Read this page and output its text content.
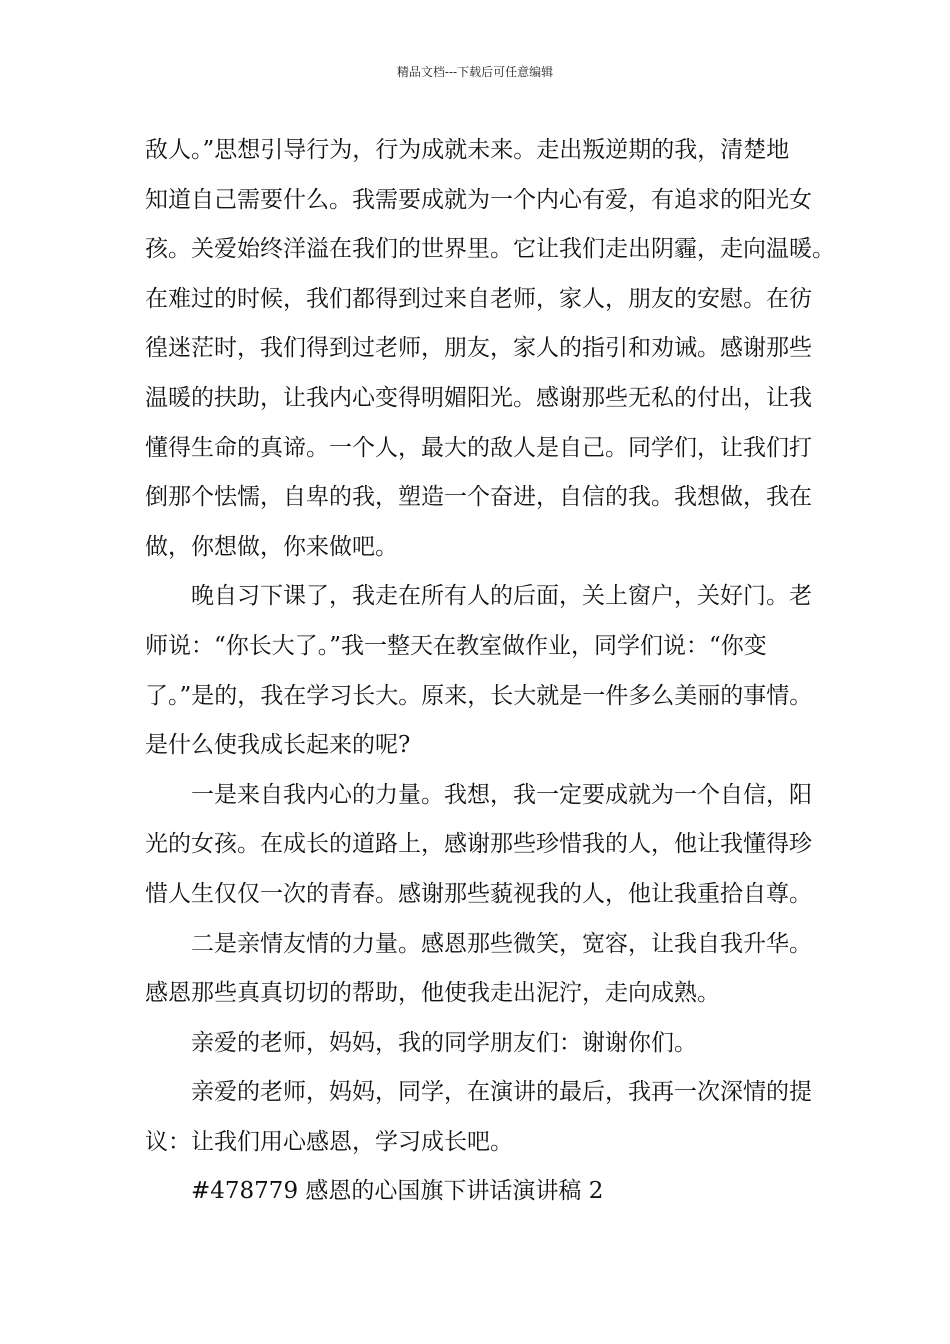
精品文档---下载后可任意编辑
敌人。”思想引导行为，行为成就未来。走出叛逆期的我，清楚地
知道自己需要什么。我需要成就为一个内心有爱，有追求的阳光女
孩。关爱始终洋溢在我们的世界里。它让我们走出阴霾，走向温暖。
在难过的时候，我们都得到过来自老师，家人，朋友的安慰。在彷
徨迷茫时，我们得到过老师，朋友，家人的指引和劝诫。感谢那些
温暖的扶助，让我内心变得明媚阳光。感谢那些无私的付出，让我
懂得生命的真谛。一个人，最大的敌人是自己。同学们，让我们打
倒那个怯懦，自卑的我，塑造一个奋进，自信的我。我想做，我在
做，你想做，你来做吧。
晚自习下课了，我走在所有人的后面，关上窗户，关好门。老
师说：“你长大了。”我一整天在教室做作业，同学们说：“你变
了。”是的，我在学习长大。原来，长大就是一件多么美丽的事情。
是什么使我成长起来的呢?
一是来自我内心的力量。我想，我一定要成就为一个自信，阳
光的女孩。在成长的道路上，感谢那些珍惜我的人，他让我懂得珍
惜人生仅仅一次的青春。感谢那些藐视我的人，他让我重拾自尊。
二是亲情友情的力量。感恩那些微笑，宽容，让我自我升华。
感恩那些真真切切的帮助，他使我走出泥泞，走向成熟。
亲爱的老师，妈妈，我的同学朋友们：谢谢你们。
亲爱的老师，妈妈，同学，在演讲的最后，我再一次深情的提
议：让我们用心感恩，学习成长吧。
#478779 感恩的心国旗下讲话演讲稿 2
